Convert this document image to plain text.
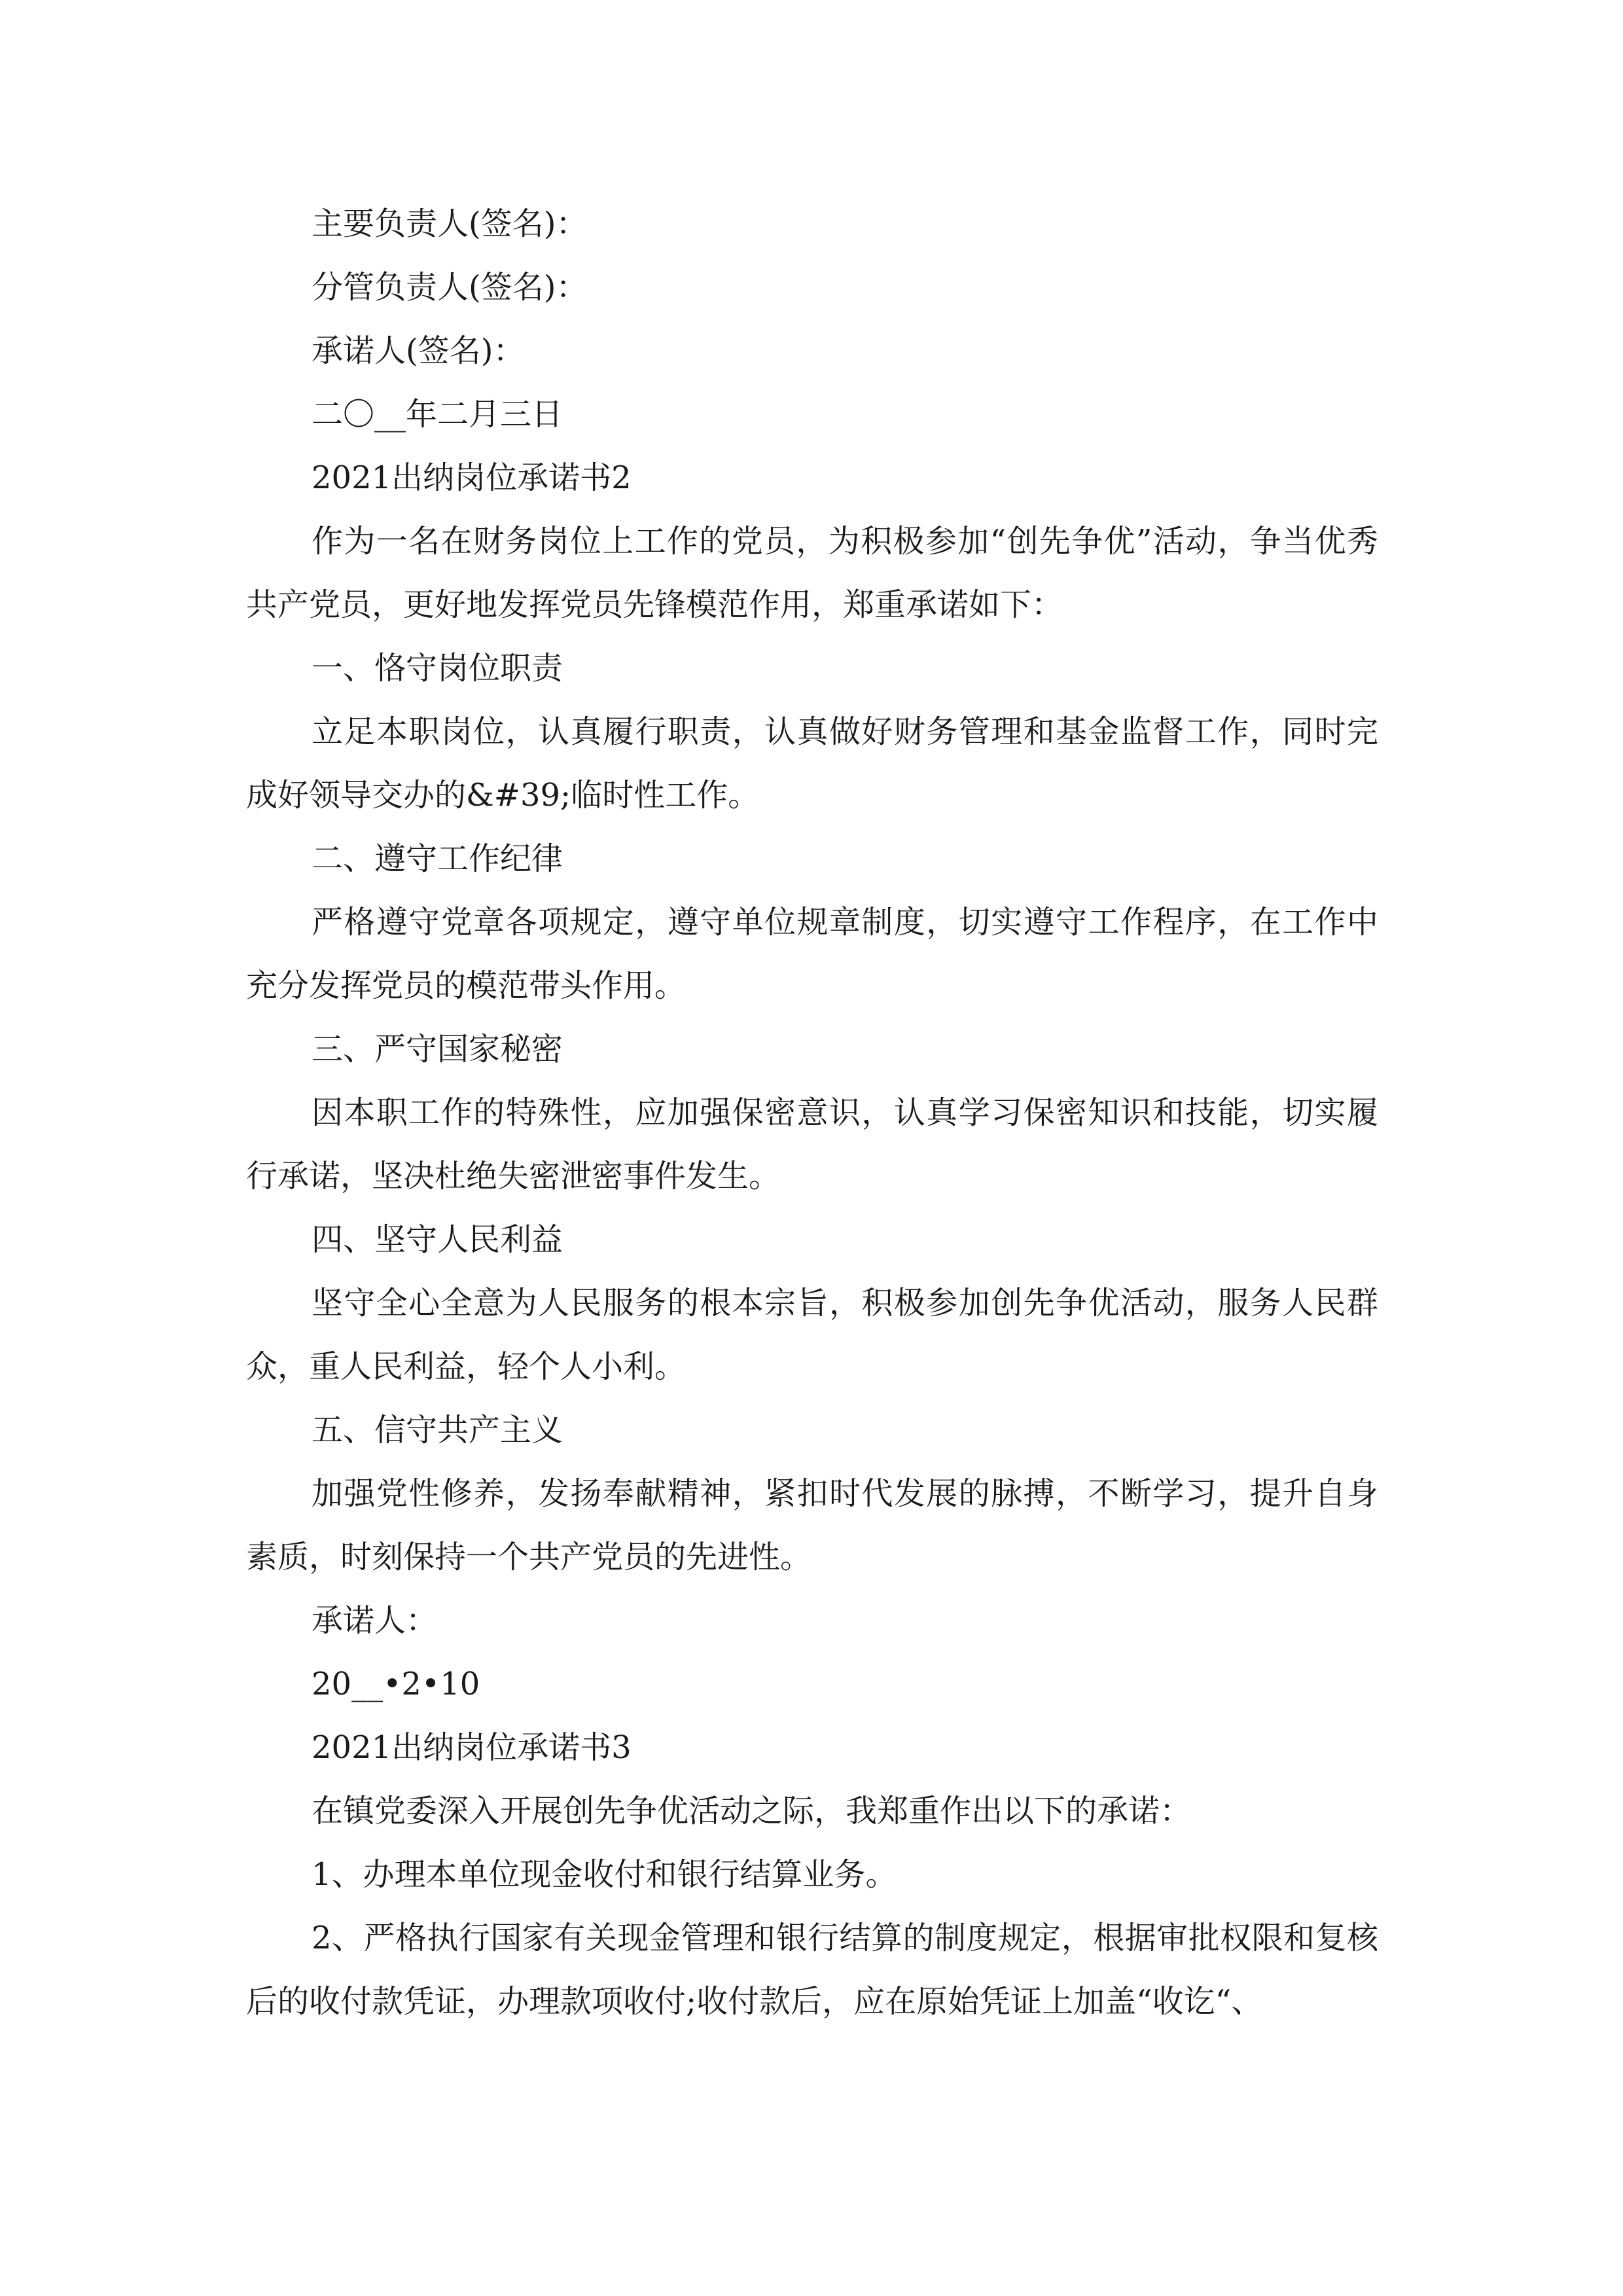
主要负责人(签名)：
分管负责人(签名)：
承诺人(签名)：
二〇__年二月三日
2021出纳岗位承诺书2
作为一名在财务岗位上工作的党员，为积极参加“创先争优”活动，争当优秀共产党员，更好地发挥党员先锋模范作用，郑重承诺如下：
一、恪守岗位职责
立足本职岗位，认真履行职责，认真做好财务管理和基金监督工作，同时完成好领导交办的&#39;临时性工作。
二、遵守工作纪律
严格遵守党章各项规定，遵守单位规章制度，切实遵守工作程序，在工作中充分发挥党员的模范带头作用。
三、严守国家秘密
因本职工作的特殊性，应加强保密意识，认真学习保密知识和技能，切实履行承诺，坚决杜绝失密泄密事件发生。
四、坚守人民利益
坚守全心全意为人民服务的根本宗旨，积极参加创先争优活动，服务人民群众，重人民利益，轻个人小利。
五、信守共产主义
加强党性修养，发扬奉献精神，紧扣时代发展的脉搏，不断学习，提升自身素质，时刻保持一个共产党员的先进性。
承诺人：
20__•2•10
2021出纳岗位承诺书3
在镇党委深入开展创先争优活动之际，我郑重作出以下的承诺：
1、办理本单位现金收付和银行结算业务。
2、严格执行国家有关现金管理和银行结算的制度规定，根据审批权限和复核后的收付款凭证，办理款项收付;收付款后，应在原始凭证上加盖“收讫“、
